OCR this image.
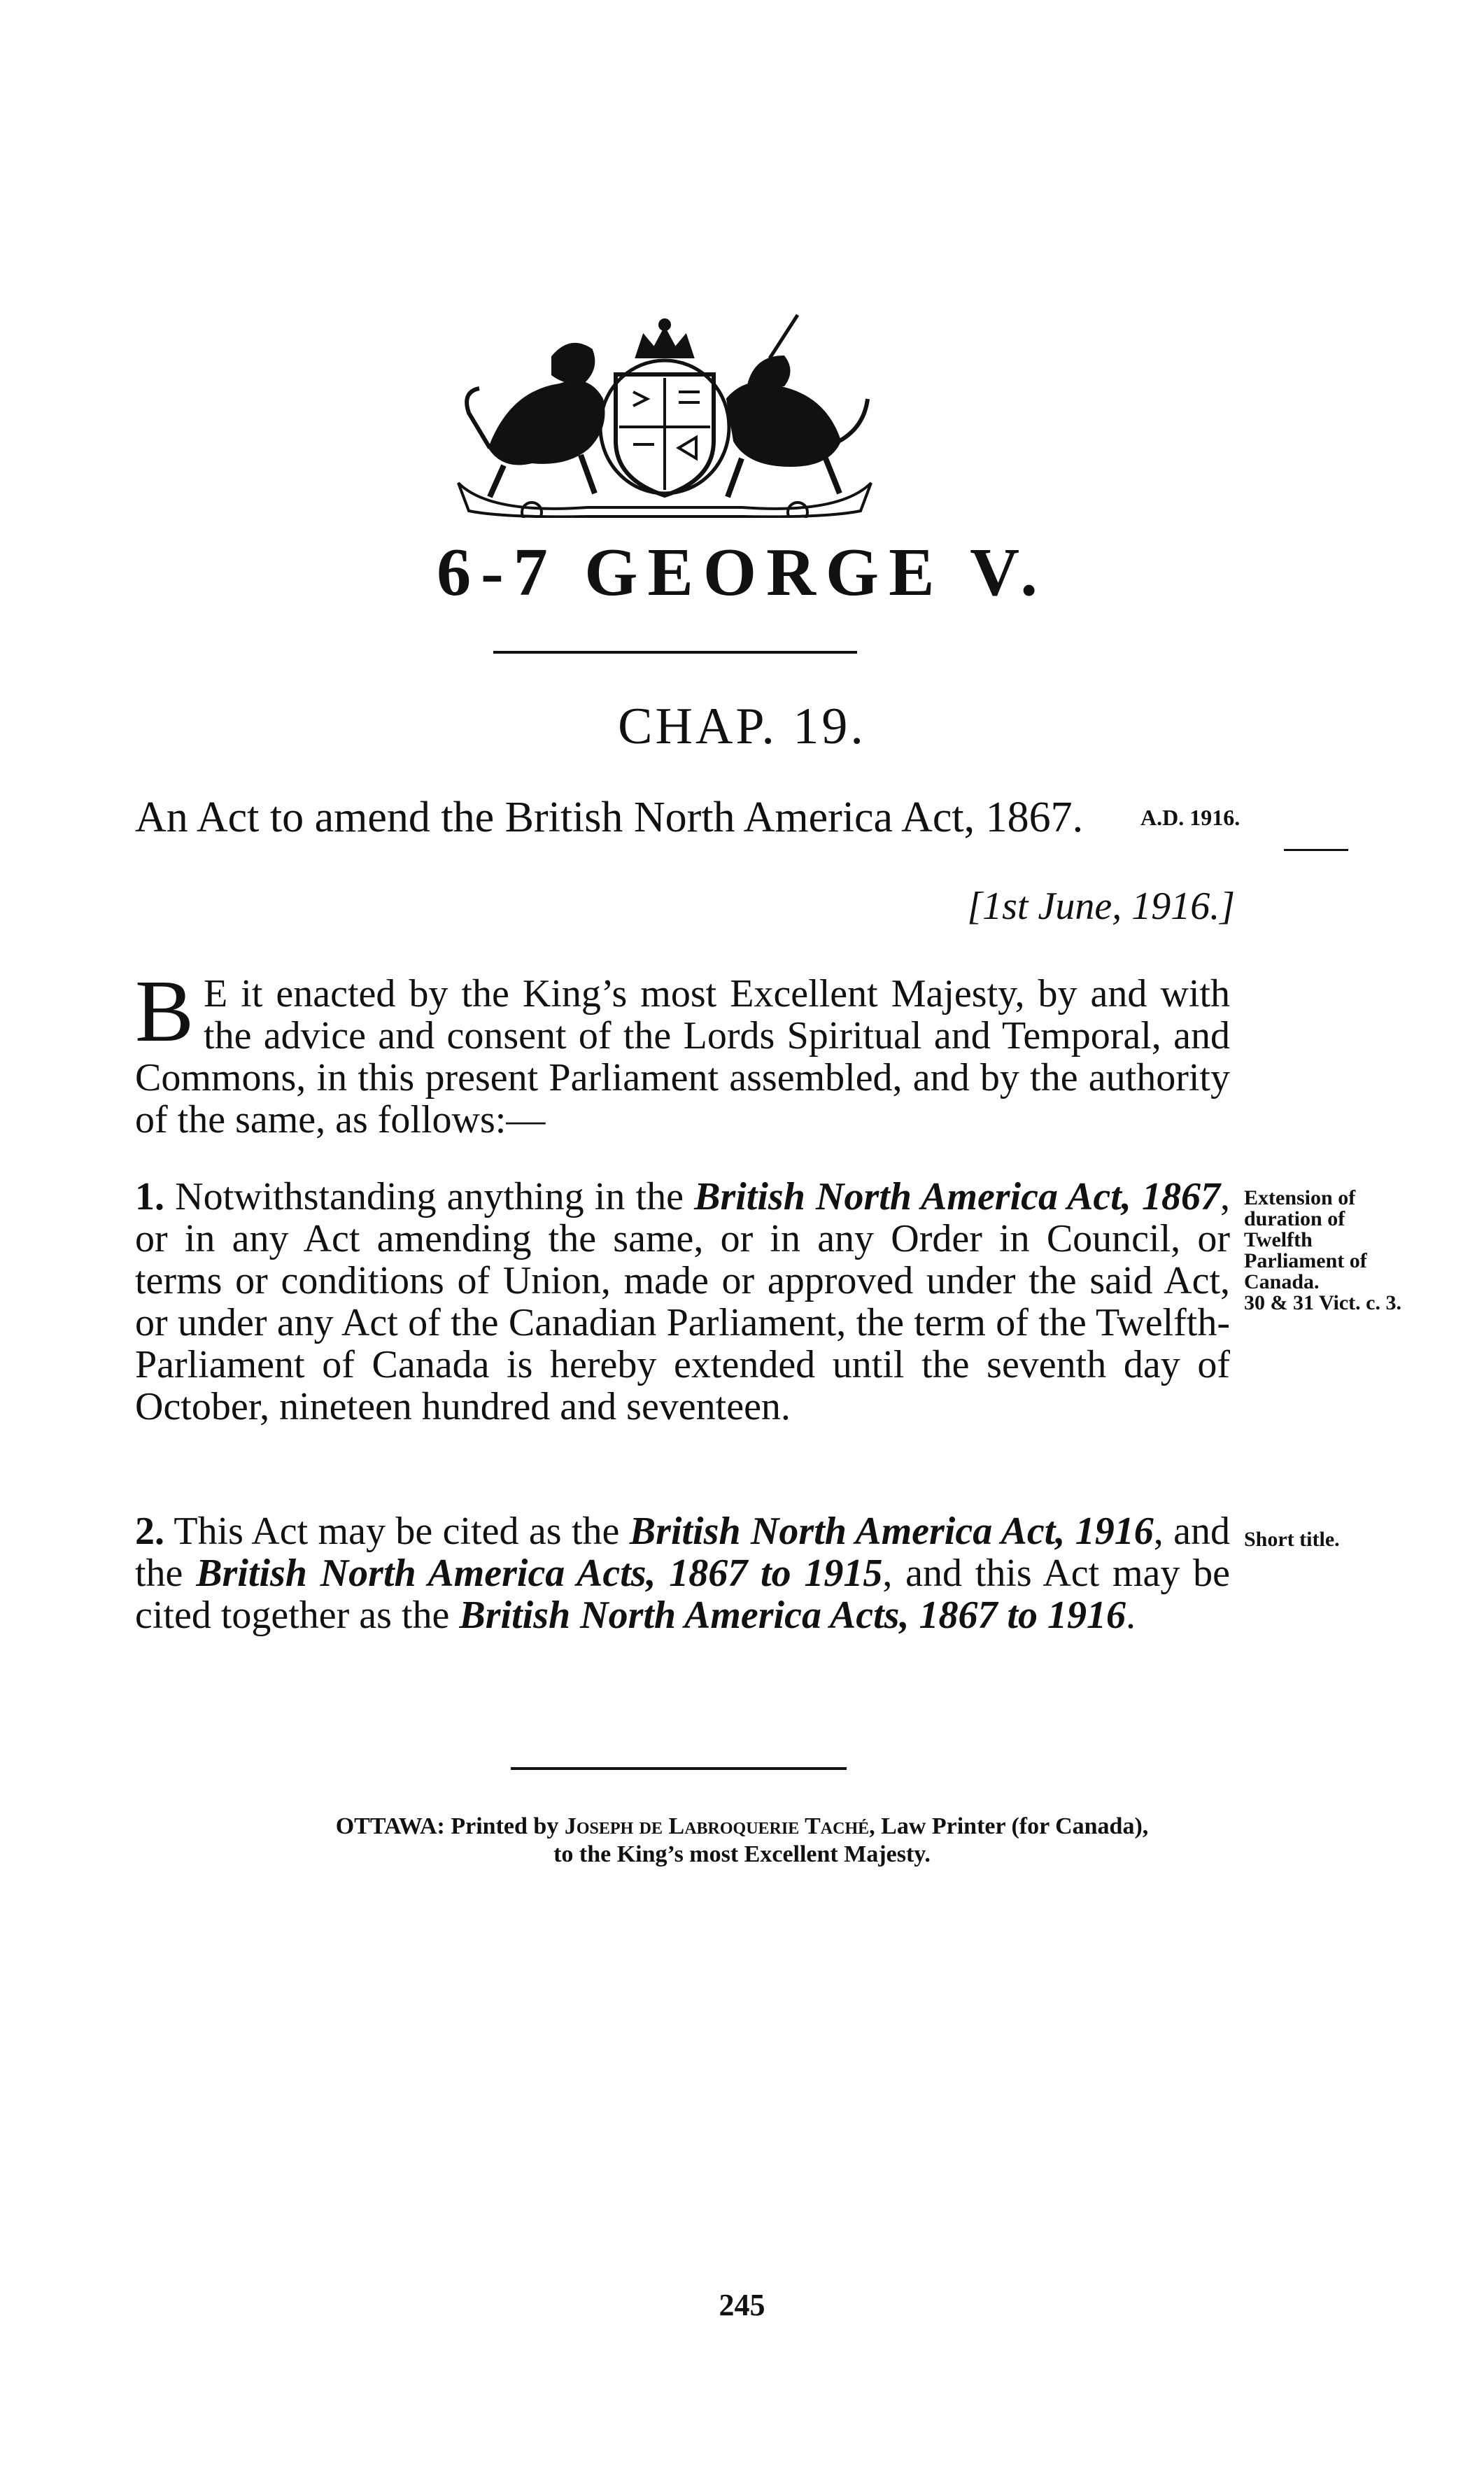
6-7 GEORGE V.
CHAP. 19.
An Act to amend the British North America Act, 1867.	A.D. 1916.
[1st June, 1916.]
B E it enacted by the King’s most Excellent Majesty, by and with the advice and consent of the Lords Spiritual and Temporal, and Commons, in this present Parliament assembled, and by the authority of the same, as follows:—
1. Notwithstanding anything in the British North America Act, 1867, or in any Act amending the same, or in any Order in Council, or terms or conditions of Union, made or approved under the said Act, or under any Act of the Canadian Parliament, the term of the Twelfth-Parliament of Canada is hereby extended until the seventh day of October, nineteen hundred and seventeen.
Extension of duration of Twelfth Parliament of Canada.
30 & 31 Vict. c. 3.
2. This Act may be cited as the British North America Act, 1916, and the British North America Acts, 1867 to 1915, and this Act may be cited together as the British North America Acts, 1867 to 1916.
Short title.
OTTAWA: Printed by Joseph de Labroquerie Taché, Law Printer (for Canada),
to the King’s most Excellent Majesty.
245
